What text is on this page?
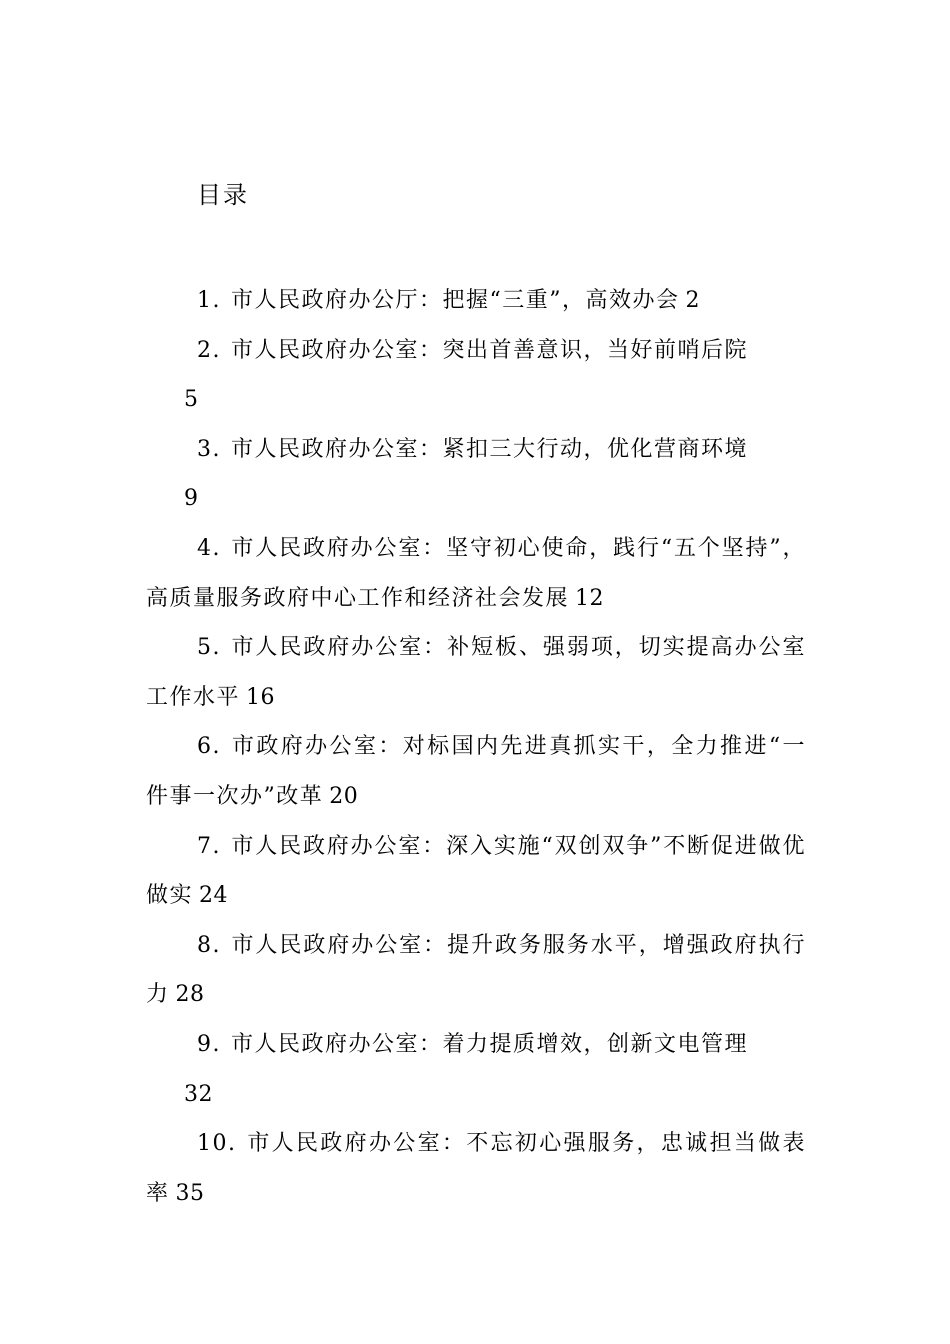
目录
1. 市人民政府办公厅：把握“三重”，高效办会 2
2. 市人民政府办公室：突出首善意识，当好前哨后院
5
3. 市人民政府办公室：紧扣三大行动，优化营商环境
9
4. 市人民政府办公室：坚守初心使命，践行“五个坚持”，高质量服务政府中心工作和经济社会发展 12
5. 市人民政府办公室：补短板、强弱项，切实提高办公室工作水平 16
6. 市政府办公室：对标国内先进真抓实干，全力推进“一件事一次办”改革 20
7. 市人民政府办公室：深入实施“双创双争”不断促进做优做实 24
8. 市人民政府办公室：提升政务服务水平，增强政府执行力 28
9. 市人民政府办公室：着力提质增效，创新文电管理
32
10. 市人民政府办公室：不忘初心强服务，忠诚担当做表率 35
